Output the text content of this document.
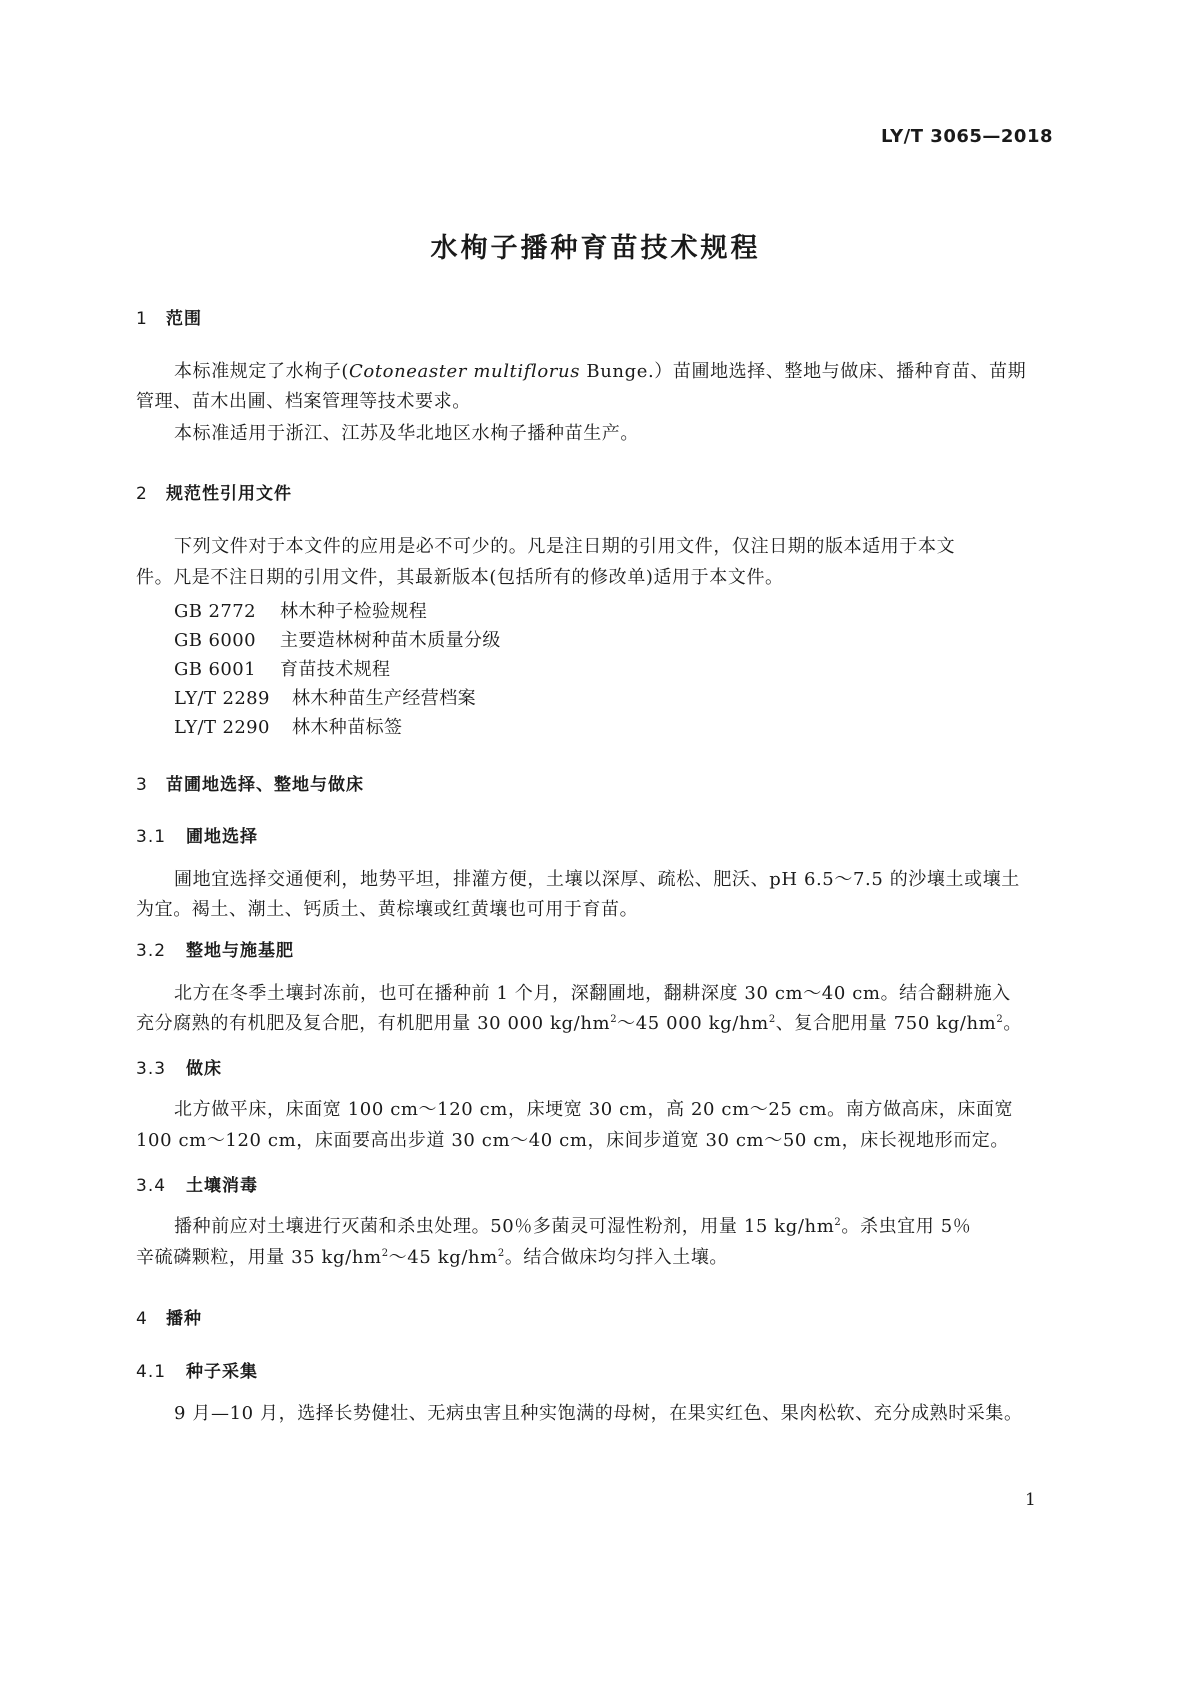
LY/T 3065—2018
水栒子播种育苗技术规程
1 范围

本标准规定了水栒子(Cotoneaster multiflorus Bunge.）苗圃地选择、整地与做床、播种育苗、苗期

管理、苗木出圃、档案管理等技术要求。

本标准适用于浙江、江苏及华北地区水栒子播种苗生产。

2 规范性引用文件

下列文件对于本文件的应用是必不可少的。凡是注日期的引用文件，仅注日期的版本适用于本文

件。凡是不注日期的引用文件，其最新版本(包括所有的修改单)适用于本文件。

GB 2772 林木种子检验规程
GB 6000 主要造林树种苗木质量分级
GB 6001 育苗技术规程
LY/T 2289 林木种苗生产经营档案
LY/T 2290 林木种苗标签
3 苗圃地选择、整地与做床
3.1 圃地选择

圃地宜选择交通便利，地势平坦，排灌方便，土壤以深厚、疏松、肥沃、pH 6.5～7.5 的沙壤土或壤土

为宜。褐土、潮土、钙质土、黄棕壤或红黄壤也可用于育苗。

3.2 整地与施基肥

北方在冬季土壤封冻前，也可在播种前 1 个月，深翻圃地，翻耕深度 30 cm～40 cm。结合翻耕施入

充分腐熟的有机肥及复合肥，有机肥用量 30 000 $kg/hm^2\sim 45$ 000 $kg/hm^2$、复合肥用量 750 $kg/hm^2$。

3.3 做床

北方做平床，床面宽 100 cm～120 cm，床埂宽 30 cm，高 20 cm～25 cm。南方做高床，床面宽

100 cm～120 cm，床面要高出步道 30 cm～40 cm，床间步道宽 30 cm～50 cm，床长视地形而定。

3.4 土壤消毒

播种前应对土壤进行灭菌和杀虫处理。50％多菌灵可湿性粉剂，用量 15 $kg/hm^2$。杀虫宜用 5％

辛硫磷颗粒，用量 35 $kg/hm^2\sim 45$ $kg/hm^2$。结合做床均匀拌入土壤。

4 播种
4.1 种子采集

9 月—10 月，选择长势健壮、无病虫害且种实饱满的母树，在果实红色、果肉松软、充分成熟时采集。

1
